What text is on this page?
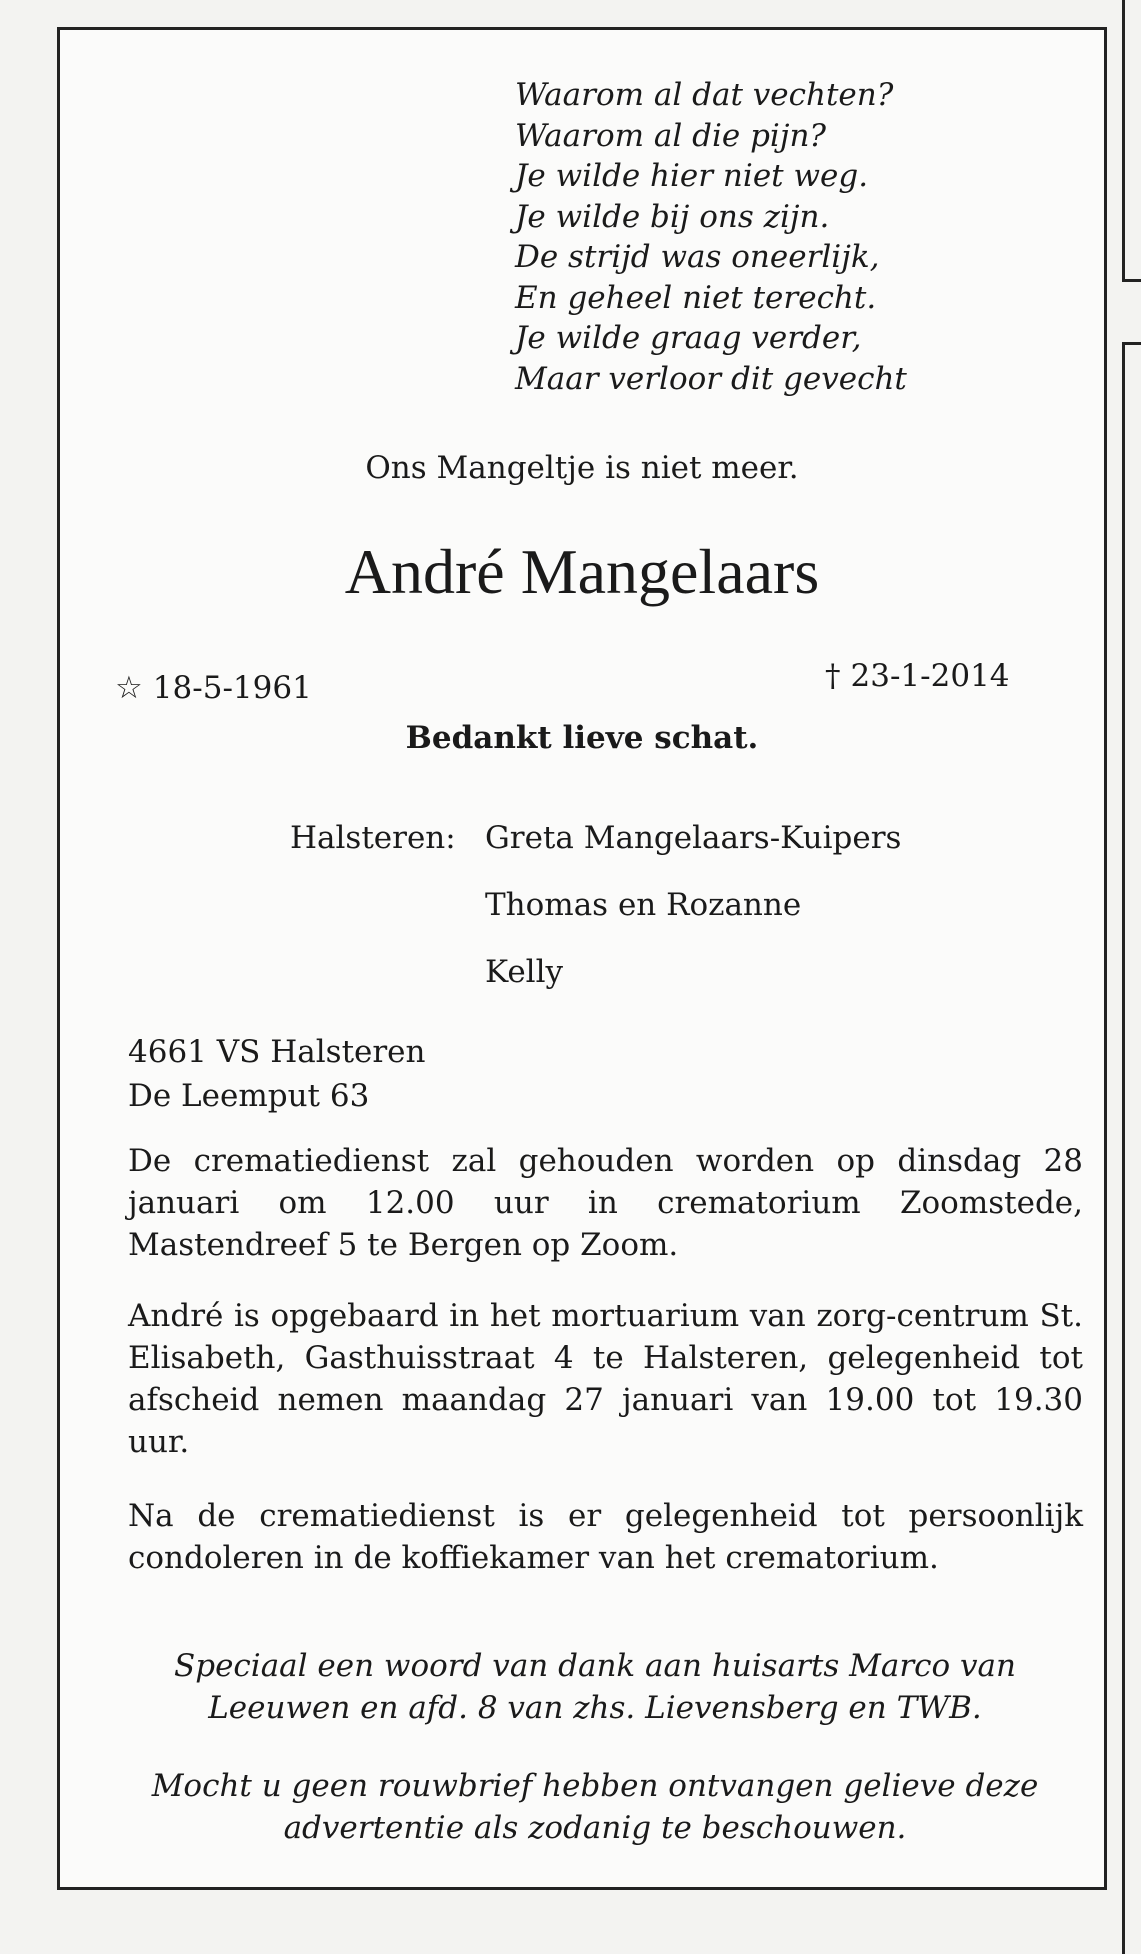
Waarom al dat vechten?
Waarom al die pijn?
Je wilde hier niet weg.
Je wilde bij ons zijn.
De strijd was oneerlijk,
En geheel niet terecht.
Je wilde graag verder,
Maar verloor dit gevecht
Ons Mangeltje is niet meer.
André Mangelaars
☆ 18-5-1961	† 23-1-2014
Bedankt lieve schat.
Halsteren: Greta Mangelaars-Kuipers
Thomas en Rozanne
Kelly
4661 VS Halsteren
De Leemput 63
De crematiedienst zal gehouden worden op dinsdag 28 januari om 12.00 uur in crematorium Zoomstede, Mastendreef 5 te Bergen op Zoom.
André is opgebaard in het mortuarium van zorg-centrum St. Elisabeth, Gasthuisstraat 4 te Halsteren, gelegenheid tot afscheid nemen maandag 27 januari van 19.00 tot 19.30 uur.
Na de crematiedienst is er gelegenheid tot persoonlijk condoleren in de koffiekamer van het crematorium.
Speciaal een woord van dank aan huisarts Marco van Leeuwen en afd. 8 van zhs. Lievensberg en TWB.
Mocht u geen rouwbrief hebben ontvangen gelieve deze advertentie als zodanig te beschouwen.
